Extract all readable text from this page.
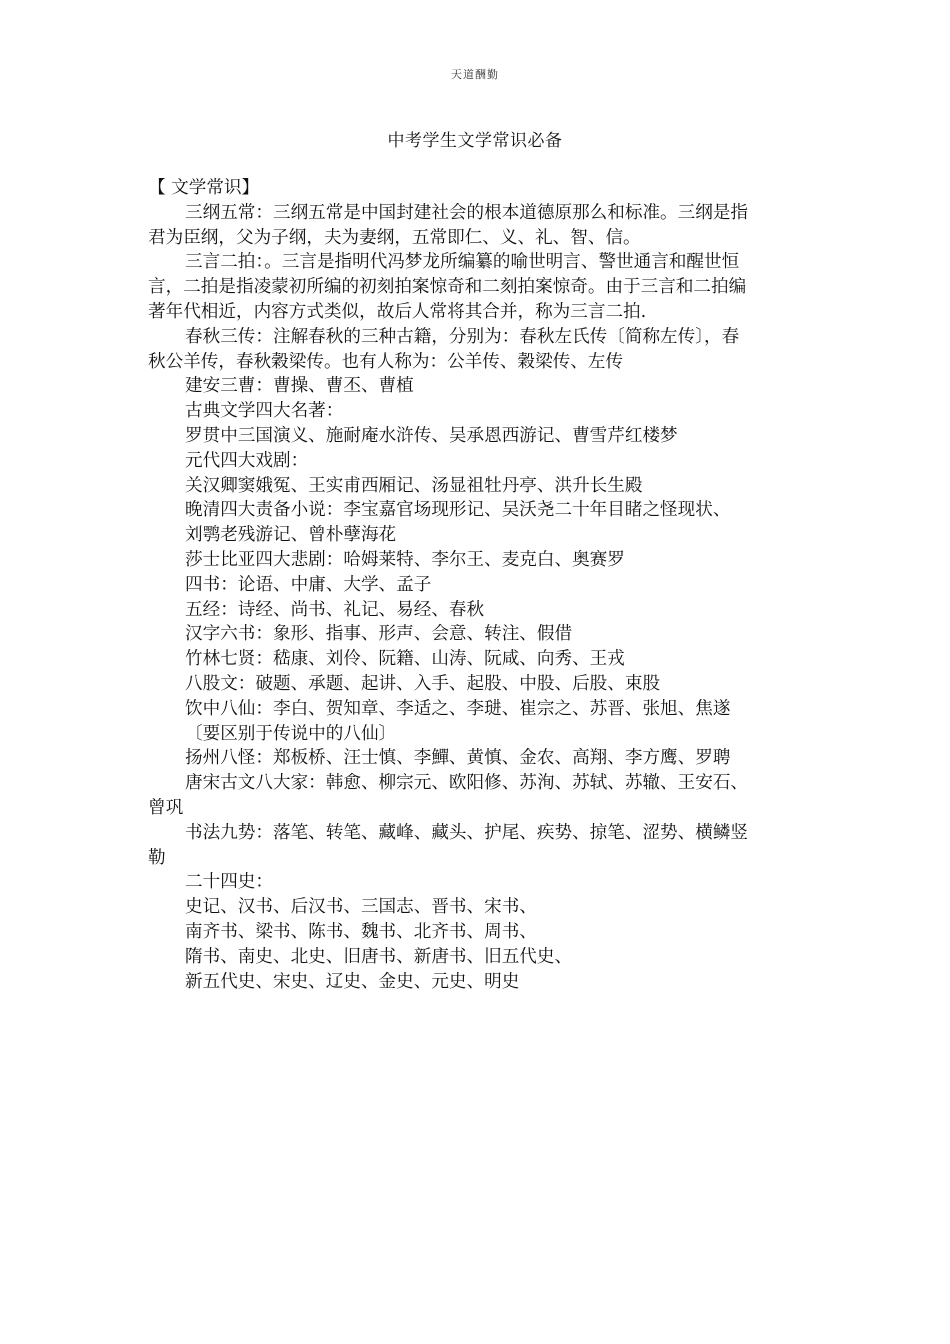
天道酬勤
中考学生文学常识必备
【 文学常识】
三纲五常：三纲五常是中国封建社会的根本道德原那么和标准。三纲是指
君为臣纲，父为子纲，夫为妻纲，五常即仁、义、礼、智、信。
三言二拍：。三言是指明代冯梦龙所编纂的喻世明言、警世通言和醒世恒
言，二拍是指凌蒙初所编的初刻拍案惊奇和二刻拍案惊奇。由于三言和二拍编
著年代相近，内容方式类似，故后人常将其合并，称为三言二拍.
春秋三传：注解春秋的三种古籍，分别为：春秋左氏传〔简称左传〕，春
秋公羊传，春秋穀梁传。也有人称为：公羊传、穀梁传、左传
建安三曹：曹操、曹丕、曹植
古典文学四大名著：
罗贯中三国演义、施耐庵水浒传、吴承恩西游记、曹雪芹红楼梦
元代四大戏剧：
关汉卿窦娥冤、王实甫西厢记、汤显祖牡丹亭、洪升长生殿
晚清四大责备小说：李宝嘉官场现形记、吴沃尧二十年目睹之怪现状、
刘鹗老残游记、曾朴孽海花
莎士比亚四大悲剧：哈姆莱特、李尔王、麦克白、奥赛罗
四书：论语、中庸、大学、孟子
五经：诗经、尚书、礼记、易经、春秋
汉字六书：象形、指事、形声、会意、转注、假借
竹林七贤：嵇康、刘伶、阮籍、山涛、阮咸、向秀、王戎
八股文：破题、承题、起讲、入手、起股、中股、后股、束股
饮中八仙：李白、贺知章、李适之、李琎、崔宗之、苏晋、张旭、焦遂
〔要区别于传说中的八仙〕
扬州八怪：郑板桥、汪士慎、李鱓、黄慎、金农、高翔、李方鹰、罗聘
唐宋古文八大家：韩愈、柳宗元、欧阳修、苏洵、苏轼、苏辙、王安石、
曾巩
书法九势：落笔、转笔、藏峰、藏头、护尾、疾势、掠笔、涩势、横鳞竖
勒
二十四史：
史记、汉书、后汉书、三国志、晋书、宋书、
南齐书、梁书、陈书、魏书、北齐书、周书、
隋书、南史、北史、旧唐书、新唐书、旧五代史、
新五代史、宋史、辽史、金史、元史、明史
